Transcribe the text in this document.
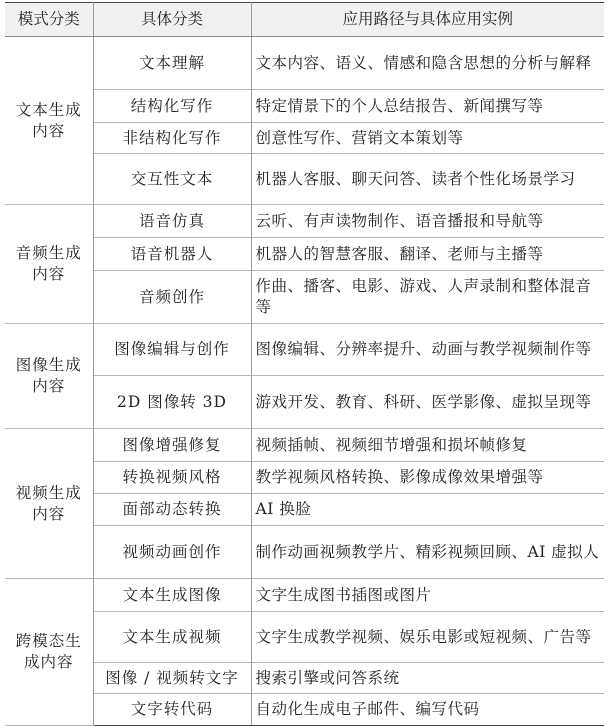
模式分类	具体分类	应用路径与具体应用实例
文本生成内容	文本理解	文本内容、语义、情感和隐含思想的分析与解释
	结构化写作	特定情景下的个人总结报告、新闻撰写等
	非结构化写作	创意性写作、营销文本策划等
	交互性文本	机器人客服、聊天问答、读者个性化场景学习
音频生成内容	语音仿真	云听、有声读物制作、语音播报和导航等
	语音机器人	机器人的智慧客服、翻译、老师与主播等
	音频创作	作曲、播客、电影、游戏、人声录制和整体混音等
图像生成内容	图像编辑与创作	图像编辑、分辨率提升、动画与教学视频制作等
	2D 图像转 3D	游戏开发、教育、科研、医学影像、虚拟呈现等
视频生成内容	图像增强修复	视频插帧、视频细节增强和损坏帧修复
	转换视频风格	教学视频风格转换、影像成像效果增强等
	面部动态转换	AI 换脸
	视频动画创作	制作动画视频教学片、精彩视频回顾、AI 虚拟人
跨模态生成内容	文本生成图像	文字生成图书插图或图片
	文本生成视频	文字生成教学视频、娱乐电影或短视频、广告等
	图像 / 视频转文字	搜索引擎或问答系统
	文字转代码	自动化生成电子邮件、编写代码
